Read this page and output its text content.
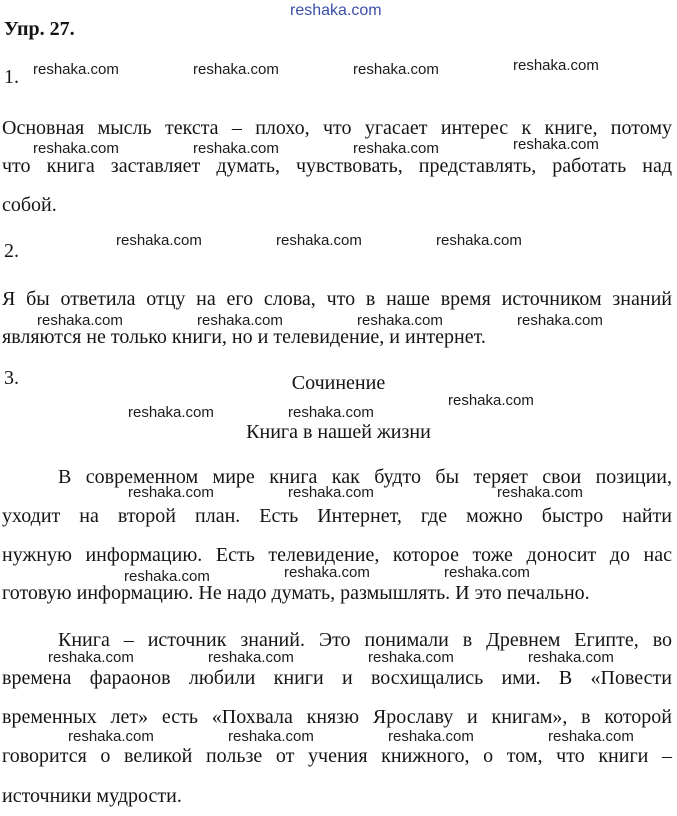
reshaka.com
Упр. 27.
1.
Основная мысль текста – плохо, что угасает интерес к книге, потому
что книга заставляет думать, чувствовать, представлять, работать над
собой.
2.
Я бы ответила отцу на его слова, что в наше время источником знаний
являются не только книги, но и телевидение, и интернет.
3.	Сочинение
Книга в нашей жизни
В современном мире книга как будто бы теряет свои позиции,
уходит на второй план. Есть Интернет, где можно быстро найти
нужную информацию. Есть телевидение, которое тоже доносит до нас
готовую информацию. Не надо думать, размышлять. И это печально.
Книга – источник знаний. Это понимали в Древнем Египте, во
времена фараонов любили книги и восхищались ими. В «Повести
временных лет» есть «Похвала князю Ярославу и книгам», в которой
говорится о великой пользе от учения книжного, о том, что книги –
источники мудрости.
reshaka.com	reshaka.com	reshaka.com	reshaka.com
reshaka.com	reshaka.com	reshaka.com	reshaka.com
reshaka.com	reshaka.com	reshaka.com
reshaka.com	reshaka.com	reshaka.com	reshaka.com
reshaka.com	reshaka.com
reshaka.com
reshaka.com	reshaka.com	reshaka.com
reshaka.com	reshaka.com	reshaka.com
reshaka.com	reshaka.com	reshaka.com	reshaka.com
reshaka.com	reshaka.com	reshaka.com	reshaka.com
